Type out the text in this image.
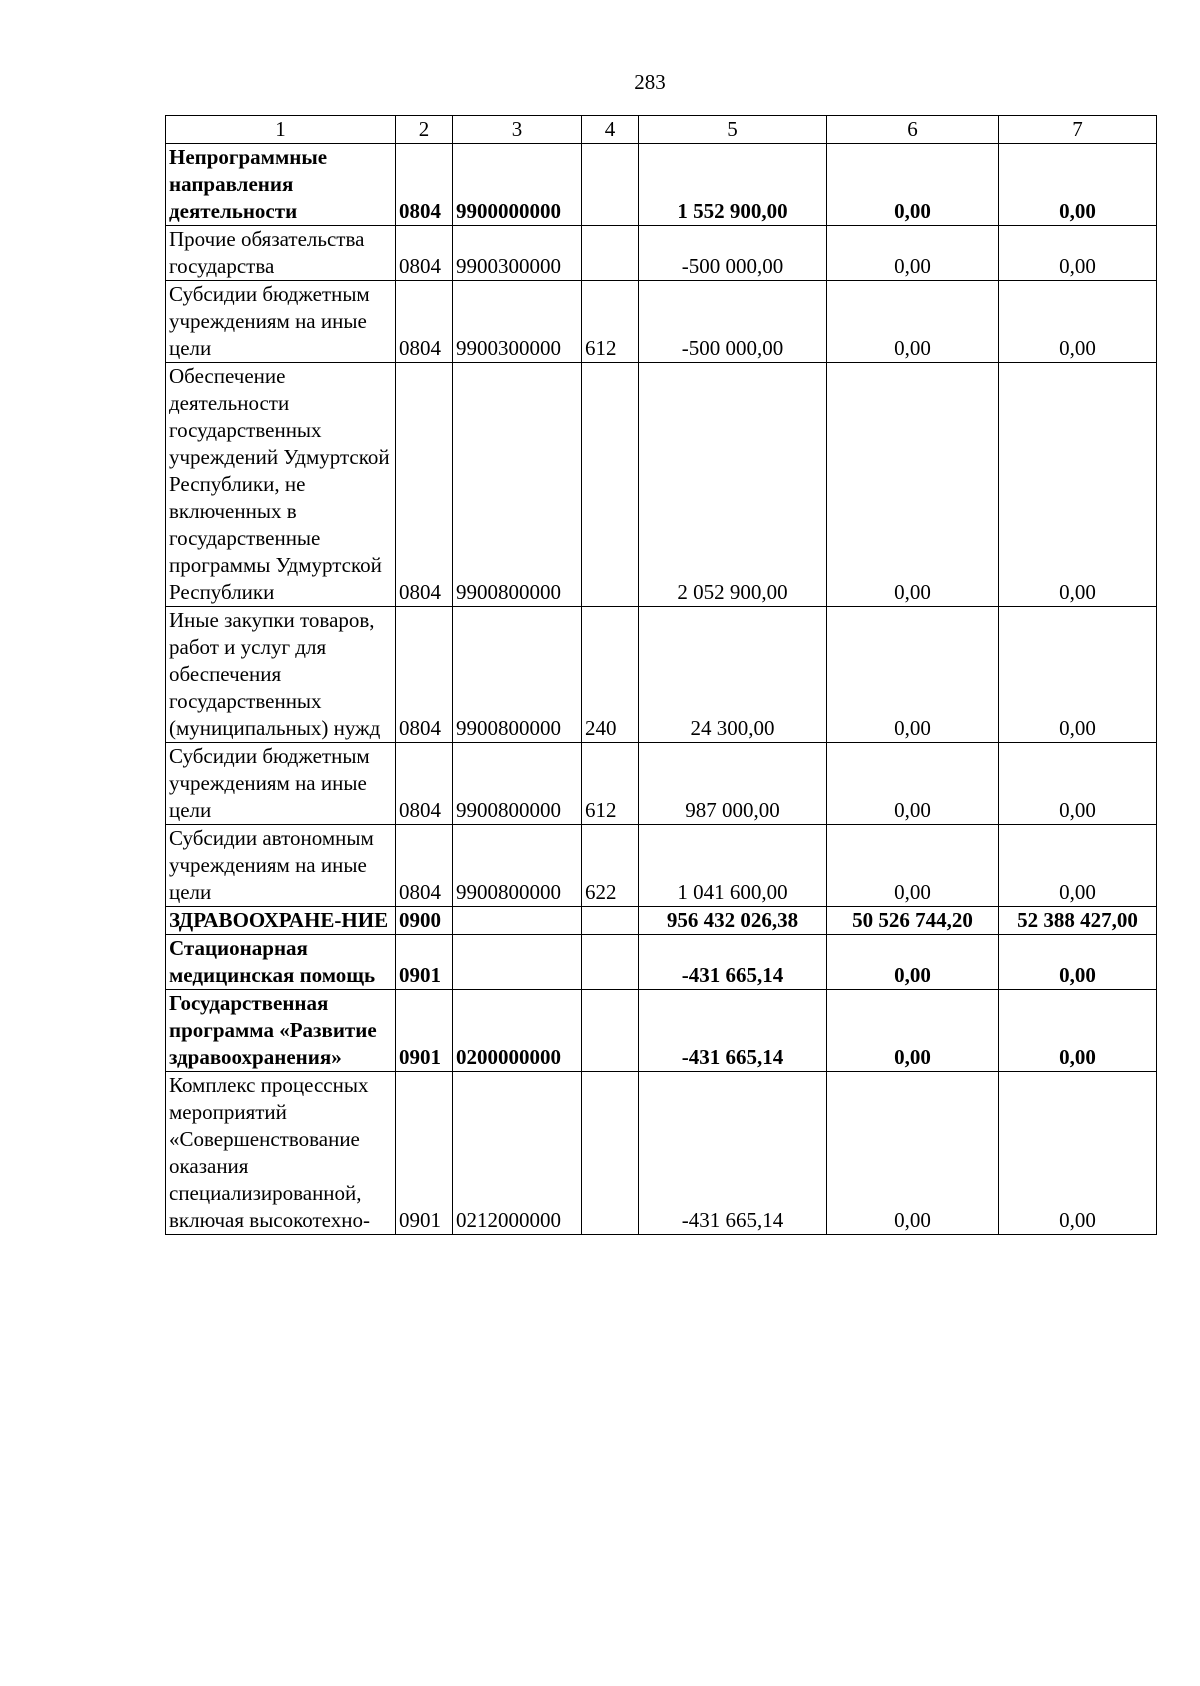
283
1	2	3	4	5	6	7
Непрограммные направления деятельности	0804	9900000000		1 552 900,00	0,00	0,00
Прочие обязательства государства	0804	9900300000		-500 000,00	0,00	0,00
Субсидии бюджетным учреждениям на иные цели	0804	9900300000	612	-500 000,00	0,00	0,00
Обеспечение деятельности государственных учреждений Удмуртской Республики, не включенных в государственные программы Удмуртской Республики	0804	9900800000		2 052 900,00	0,00	0,00
Иные закупки товаров, работ и услуг для обеспечения государственных (муниципальных) нужд	0804	9900800000	240	24 300,00	0,00	0,00
Субсидии бюджетным учреждениям на иные цели	0804	9900800000	612	987 000,00	0,00	0,00
Субсидии автономным учреждениям на иные цели	0804	9900800000	622	1 041 600,00	0,00	0,00
ЗДРАВООХРАНЕ-НИЕ	0900			956 432 026,38	50 526 744,20	52 388 427,00
Стационарная медицинская помощь	0901			-431 665,14	0,00	0,00
Государственная программа «Развитие здравоохранения»	0901	0200000000		-431 665,14	0,00	0,00
Комплекс процессных мероприятий «Совершенствование оказания специализированной, включая высокотехно-	0901	0212000000		-431 665,14	0,00	0,00
